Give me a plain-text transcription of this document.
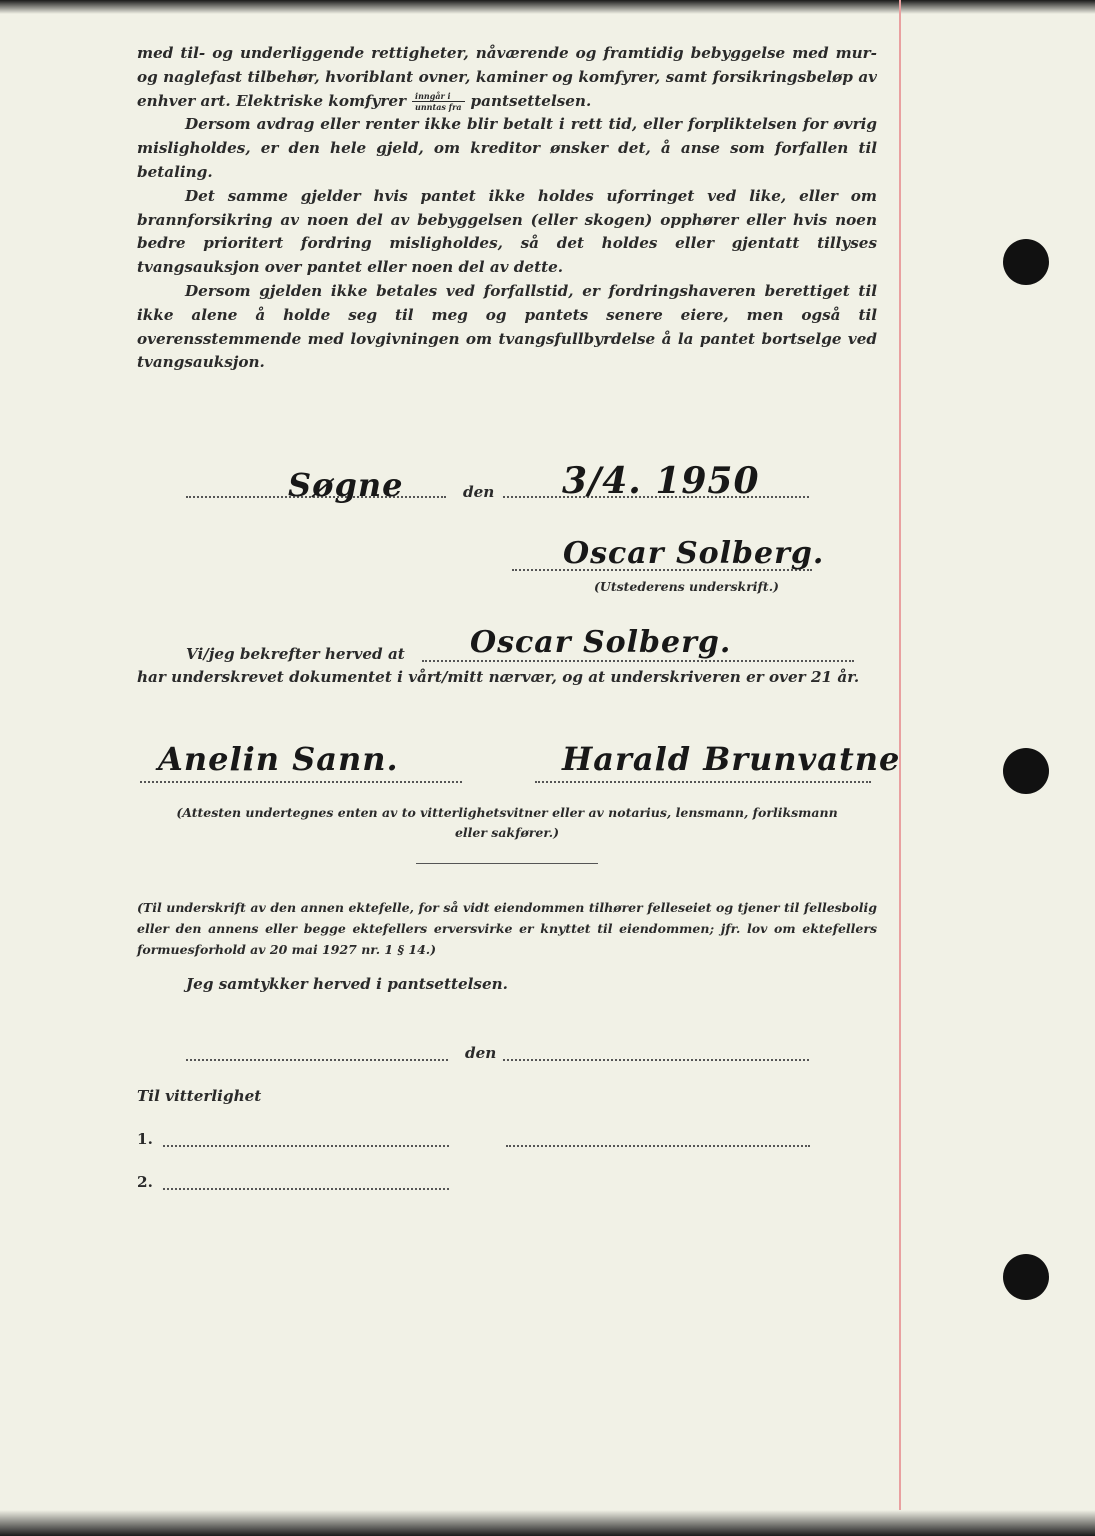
med til- og underliggende rettigheter, nåværende og framtidig bebyggelse med mur- og naglefast tilbehør, hvoriblant ovner, kaminer og komfyrer, samt forsikringsbeløp av enhver art. Elektriske komfyrer $\frac{\text{inngår i}}{\text{unntas fra}}$ pantsettelsen.

Dersom avdrag eller renter ikke blir betalt i rett tid, eller forpliktelsen for øvrig misligholdes, er den hele gjeld, om kreditor ønsker det, å anse som forfallen til betaling.

Det samme gjelder hvis pantet ikke holdes uforringet ved like, eller om brannforsikring av noen del av bebyggelsen (eller skogen) opphører eller hvis noen bedre prioritert fordring misligholdes, så det holdes eller gjentatt tillyses tvangsauksjon over pantet eller noen del av dette.

Dersom gjelden ikke betales ved forfallstid, er fordringshaveren berettiget til ikke alene å holde seg til meg og pantets senere eiere, men også til overensstemmende med lovgivningen om tvangsfullbyrdelse å la pantet bortselge ved tvangsauksjon.

Søgne	den 3/4. 1950
Oscar Solberg.
(Utstederens underskrift.)
Vi/jeg bekrefter herved at Oscar Solberg.
har underskrevet dokumentet i vårt/mitt nærvær, og at underskriveren er over 21 år.
Anelin Sann.	Harald Brunvatne
(Attesten undertegnes enten av to vitterlighetsvitner eller av notarius, lensmann, forliksmann
eller sakfører.)

(Til underskrift av den annen ektefelle, for så vidt eiendommen tilhører felleseiet og tjener til fellesbolig eller den annens eller begge ektefellers erversvirke er knyttet til eiendommen; jfr. lov om ektefellers formuesforhold av 20 mai 1927 nr. 1 § 14.)

Jeg samtykker herved i pantsettelsen.
den
Til vitterlighet
1.
2.
